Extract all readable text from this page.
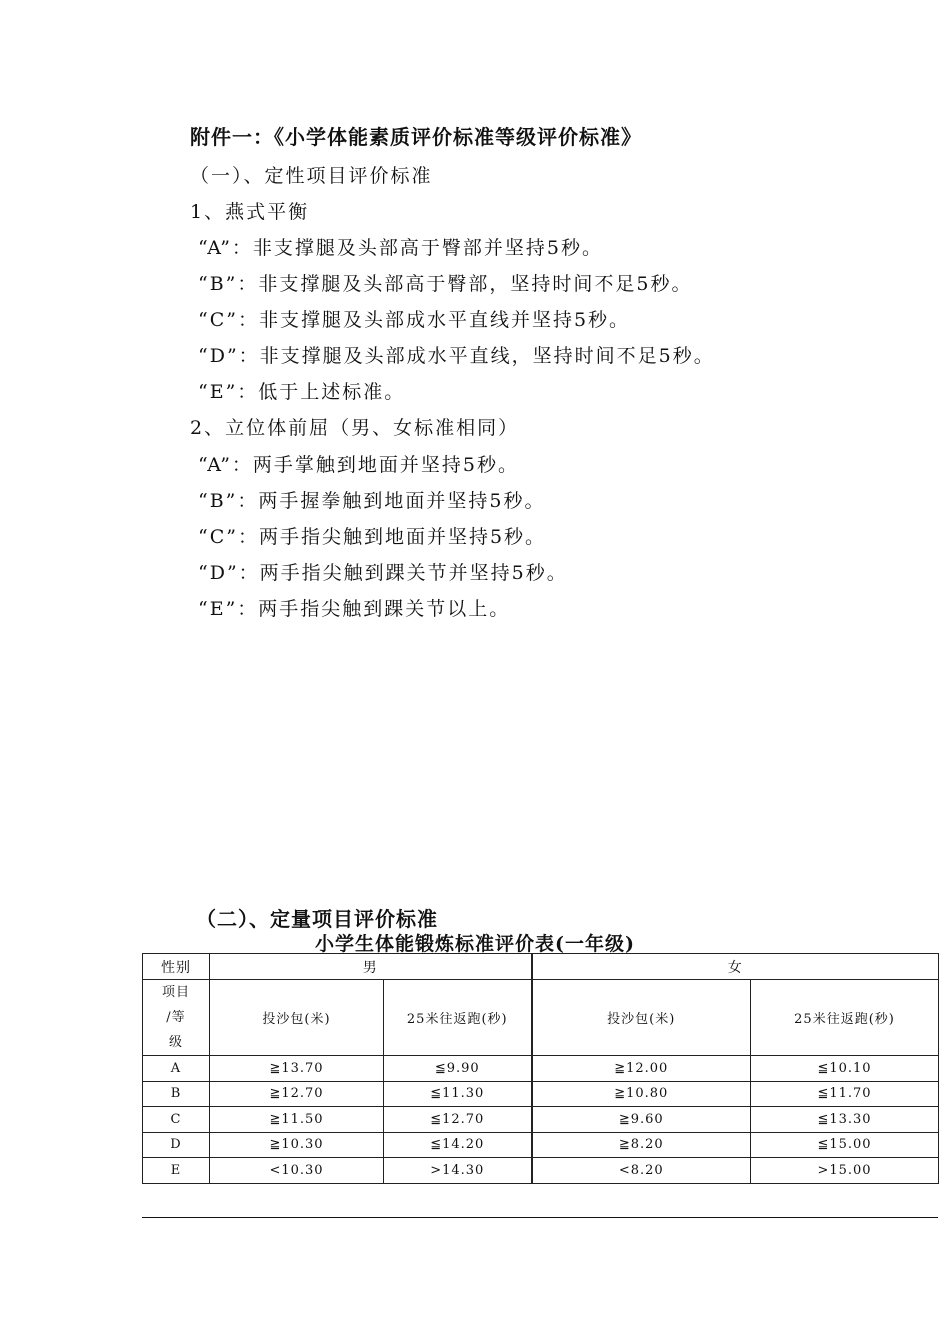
附件一：《小学体能素质评价标准等级评价标准》
（一）、定性项目评价标准
1、燕式平衡
“A”：非支撑腿及头部高于臀部并坚持5秒。
“B”：非支撑腿及头部高于臀部，坚持时间不足5秒。
“C”：非支撑腿及头部成水平直线并坚持5秒。
“D”：非支撑腿及头部成水平直线，坚持时间不足5秒。
“E”：低于上述标准。
2、立位体前屈（男、女标准相同）
“A”：两手掌触到地面并坚持5秒。
“B”：两手握拳触到地面并坚持5秒。
“C”：两手指尖触到地面并坚持5秒。
“D”：两手指尖触到踝关节并坚持5秒。
“E”：两手指尖触到踝关节以上。
（二）、定量项目评价标准
小学生体能锻炼标准评价表(一年级)
性别	男		女	

项目
/等
级	投沙包(米)	25米往返跑(秒)	投沙包(米)	25米往返跑(秒)
A	≧13.70	≦9.90	≧12.00	≦10.10
B	≧12.70	≦11.30	≧10.80	≦11.70
C	≧11.50	≦12.70	≧9.60	≦13.30
D	≧10.30	≦14.20	≧8.20	≦15.00
E	<10.30	>14.30	<8.20	>15.00
